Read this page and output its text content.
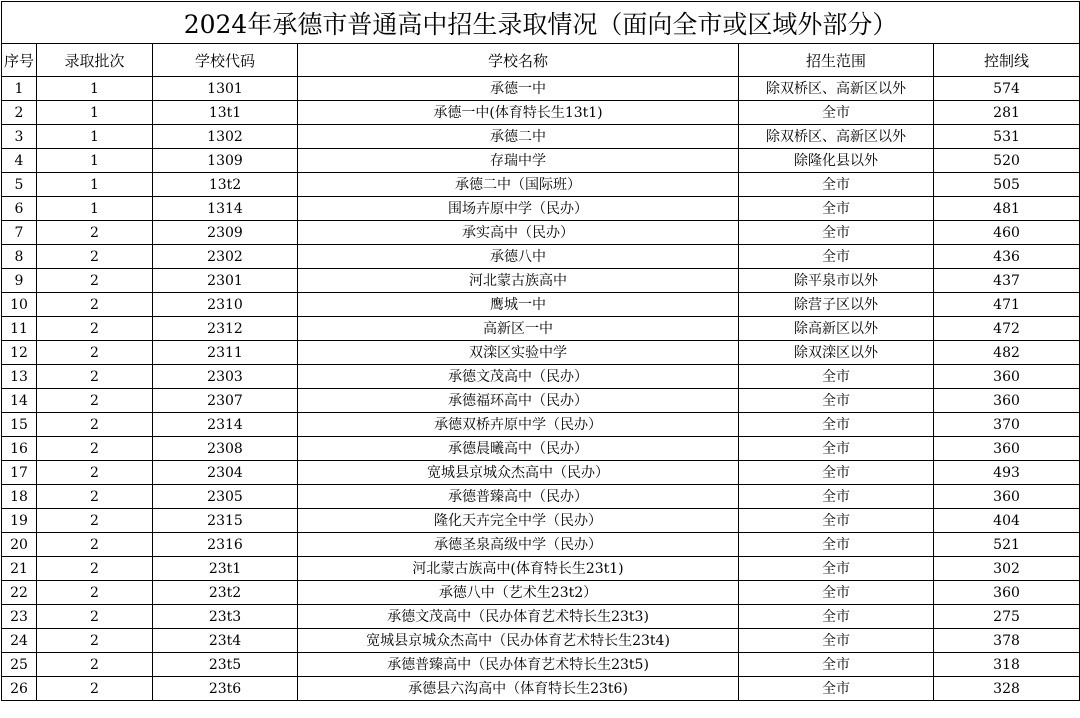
2024年承德市普通高中招生录取情况（面向全市或区域外部分）					
序号	录取批次	学校代码	学校名称	招生范围	控制线
1	1	1301	承德一中	除双桥区、高新区以外	574
2	1	13t1	承德一中(体育特长生13t1)	全市	281
3	1	1302	承德二中	除双桥区、高新区以外	531
4	1	1309	存瑞中学	除隆化县以外	520
5	1	13t2	承德二中（国际班）	全市	505
6	1	1314	围场卉原中学（民办）	全市	481
7	2	2309	承实高中（民办）	全市	460
8	2	2302	承德八中	全市	436
9	2	2301	河北蒙古族高中	除平泉市以外	437
10	2	2310	鹰城一中	除营子区以外	471
11	2	2312	高新区一中	除高新区以外	472
12	2	2311	双滦区实验中学	除双滦区以外	482
13	2	2303	承德文茂高中（民办）	全市	360
14	2	2307	承德福环高中（民办）	全市	360
15	2	2314	承德双桥卉原中学（民办）	全市	370
16	2	2308	承德晨曦高中（民办）	全市	360
17	2	2304	宽城县京城众杰高中（民办）	全市	493
18	2	2305	承德普臻高中（民办）	全市	360
19	2	2315	隆化天卉完全中学（民办）	全市	404
20	2	2316	承德圣泉高级中学（民办）	全市	521
21	2	23t1	河北蒙古族高中(体育特长生23t1)	全市	302
22	2	23t2	承德八中（艺术生23t2）	全市	360
23	2	23t3	承德文茂高中（民办体育艺术特长生23t3)	全市	275
24	2	23t4	宽城县京城众杰高中（民办体育艺术特长生23t4)	全市	378
25	2	23t5	承德普臻高中（民办体育艺术特长生23t5)	全市	318
26	2	23t6	承德县六沟高中（体育特长生23t6)	全市	328
